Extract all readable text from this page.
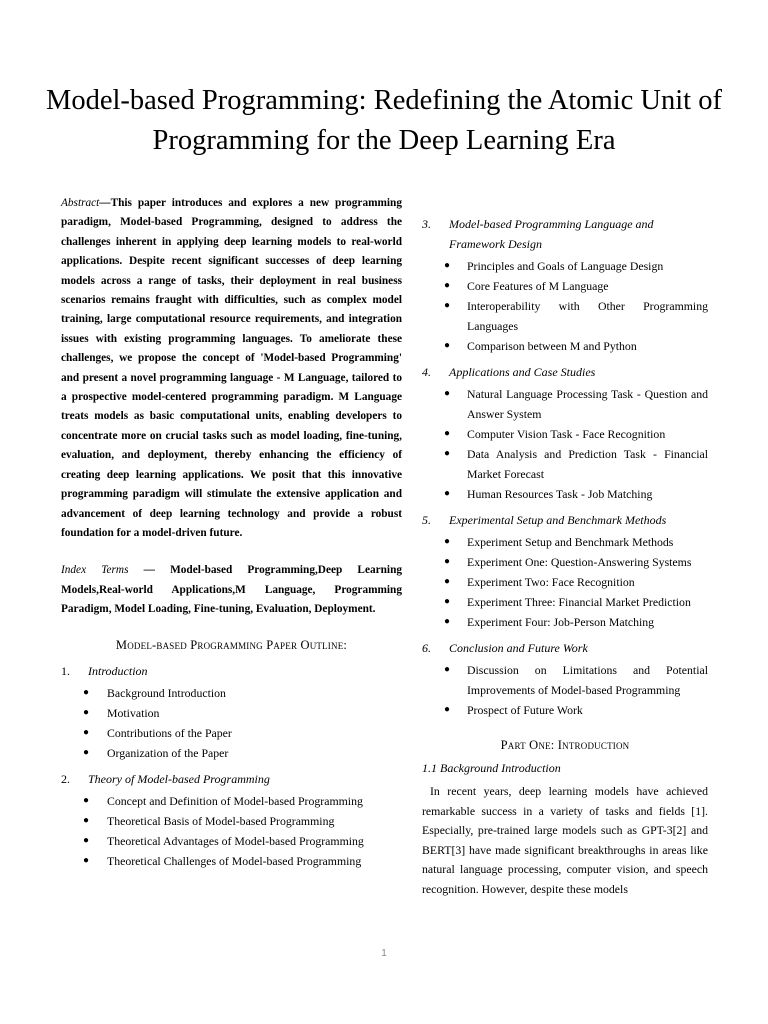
Model-based Programming: Redefining the Atomic Unit of Programming for the Deep Learning Era

Abstract—This paper introduces and explores a new programming paradigm, Model-based Programming, designed to address the challenges inherent in applying deep learning models to real-world applications. Despite recent significant successes of deep learning models across a range of tasks, their deployment in real business scenarios remains fraught with difficulties, such as complex model training, large computational resource requirements, and integration issues with existing programming languages. To ameliorate these challenges, we propose the concept of 'Model-based Programming' and present a novel programming language - M Language, tailored to a prospective model-centered programming paradigm. M Language treats models as basic computational units, enabling developers to concentrate more on crucial tasks such as model loading, fine-tuning, evaluation, and deployment, thereby enhancing the efficiency of creating deep learning applications. We posit that this innovative programming paradigm will stimulate the extensive application and advancement of deep learning technology and provide a robust foundation for a model-driven future.

Index Terms — Model-based Programming,Deep Learning Models,Real-world Applications,M Language, Programming Paradigm, Model Loading, Fine-tuning, Evaluation, Deployment.

Model-based Programming Paper Outline:
1.	Introduction
● Background Introduction
● Motivation
● Contributions of the Paper
● Organization of the Paper
2.	Theory of Model-based Programming
● Concept and Definition of Model-based Programming
● Theoretical Basis of Model-based Programming
● Theoretical Advantages of Model-based Programming
● Theoretical Challenges of Model-based Programming
3.	Model-based Programming Language and Framework Design
● Principles and Goals of Language Design
● Core Features of M Language
● Interoperability with Other Programming Languages
● Comparison between M and Python
4.	Applications and Case Studies
● Natural Language Processing Task - Question and Answer System
● Computer Vision Task - Face Recognition
● Data Analysis and Prediction Task - Financial Market Forecast
● Human Resources Task - Job Matching
5.	Experimental Setup and Benchmark Methods
● Experiment Setup and Benchmark Methods
● Experiment One: Question-Answering Systems
● Experiment Two: Face Recognition
● Experiment Three: Financial Market Prediction
● Experiment Four: Job-Person Matching
6.	Conclusion and Future Work
● Discussion on Limitations and Potential Improvements of Model-based Programming
● Prospect of Future Work
Part One: Introduction
1.1 Background Introduction

In recent years, deep learning models have achieved remarkable success in a variety of tasks and fields [1]. Especially, pre-trained large models such as GPT-3[2] and BERT[3] have made significant breakthroughs in areas like natural language processing, computer vision, and speech recognition. However, despite these models

1
